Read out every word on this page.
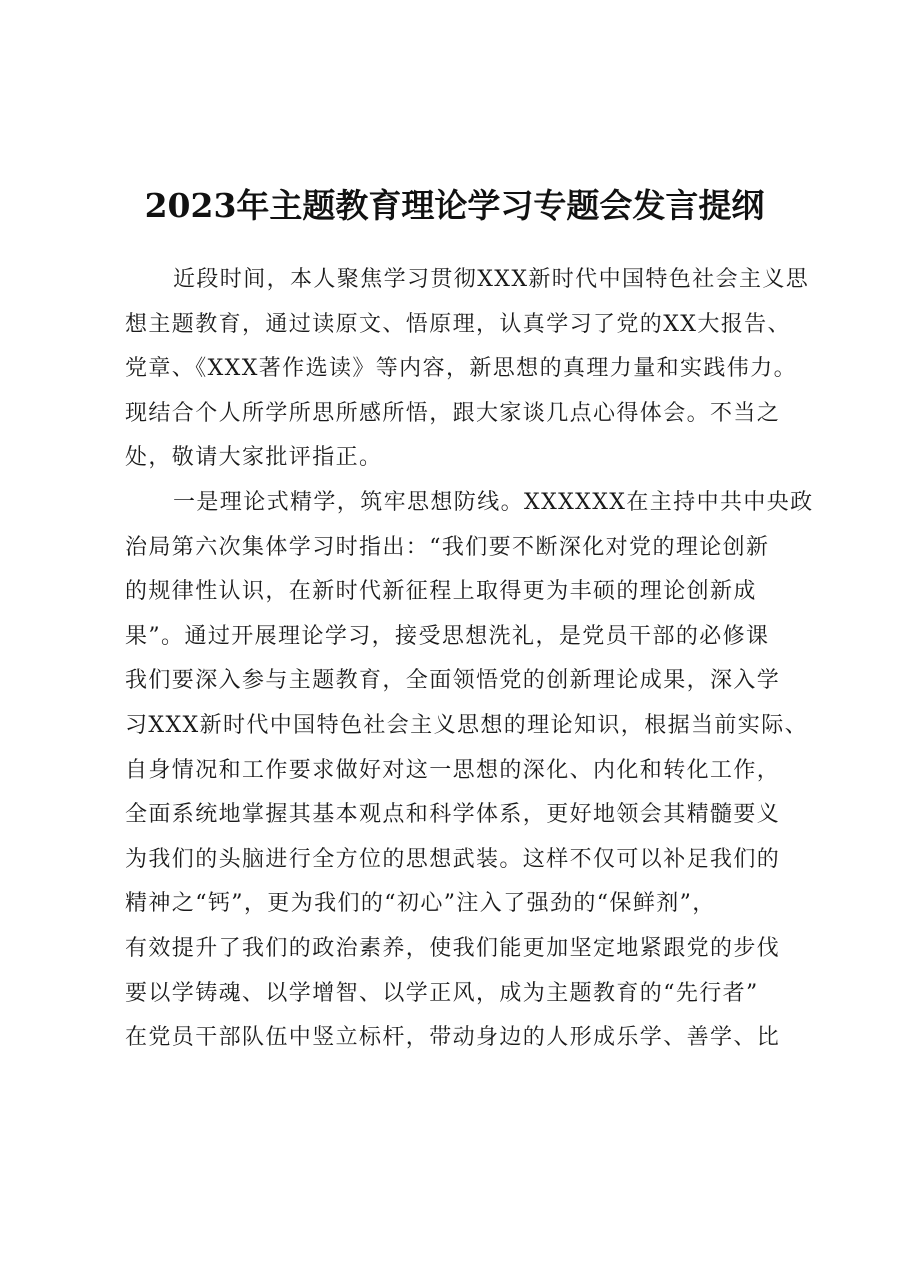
2023年主题教育理论学习专题会发言提纲
近段时间，本人聚焦学习贯彻XXX新时代中国特色社会主义思
想主题教育，通过读原文、悟原理，认真学习了党的XX大报告、
党章、《XXX著作选读》等内容，新思想的真理力量和实践伟力。
现结合个人所学所思所感所悟，跟大家谈几点心得体会。不当之
处，敬请大家批评指正。
一是理论式精学，筑牢思想防线。XXXXXX在主持中共中央政
治局第六次集体学习时指出：“我们要不断深化对党的理论创新
的规律性认识，在新时代新征程上取得更为丰硕的理论创新成
果”。通过开展理论学习，接受思想洗礼，是党员干部的必修课
我们要深入参与主题教育，全面领悟党的创新理论成果，深入学
习XXX新时代中国特色社会主义思想的理论知识，根据当前实际、
自身情况和工作要求做好对这一思想的深化、内化和转化工作，
全面系统地掌握其基本观点和科学体系，更好地领会其精髓要义
为我们的头脑进行全方位的思想武装。这样不仅可以补足我们的
精神之“钙”，更为我们的“初心”注入了强劲的“保鲜剂”，
有效提升了我们的政治素养，使我们能更加坚定地紧跟党的步伐
要以学铸魂、以学增智、以学正风，成为主题教育的“先行者”
在党员干部队伍中竖立标杆，带动身边的人形成乐学、善学、比
